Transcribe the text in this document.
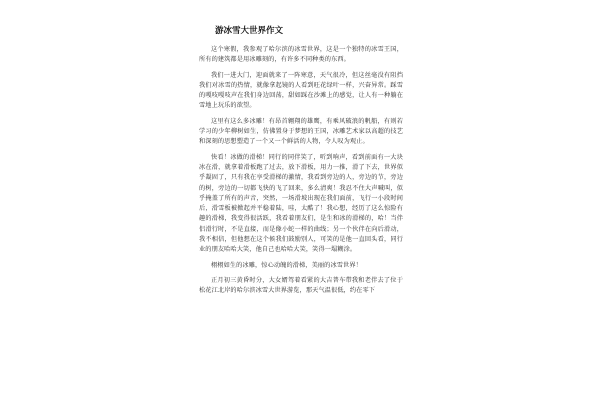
游冰雪大世界作文

这个寒假，我参观了哈尔滨的冰雪世界，这是一个独特的冰雪王国，所有的建筑都是用冰雕刻的，有许多不同种类的东西。

我们一进大门，迎面就来了一阵寒意，天气很冷，但这丝毫没有阻挡我们对冰雪的热情，就像拿起镜的人看到旺花绿叶一样，兴奋异常。踩雪的嘎吱嘎吱声在我们身边回荡，甜如踩在沙滩上的感觉，让人有一种躺在雪地上玩乐的欲望。

这里有这么多冰雕！有昂首翱翔的雄鹰，有乘风破浪的帆船，有则若学习的少年柳树如生，仿佛置身于梦想的王国，冰雕艺术家以高超的技艺和深刻的思想塑造了一个又一个鲜活的人物，令人叹为观止。

快看！冰做的滑梯！同行的同伴笑了，听到响声，看到前面有一大块冰在滑，就拿着滑板跑了过去，放下滑板，用力一推，滑了下去，世界似乎凝固了，只有我在享受滑梯的激情，我看到旁边的人，旁边的节，旁边的树，旁边的一切都飞快的飞了回来，多么清爽！我忍不住大声喊叫，似乎掩盖了所有的声音，突然，一场滑坡出现在我们面前，飞行一小段时间后，滑雪板被掀起并平稳着陆，哇，太酷了！我心想，经历了这么惊险有趣的滑梯，我变得很活跃，我看着朋友们，是生和冰的滑梯的，哈！当伴侣滑行时，不是直接，而是像小蛇一样的曲线；另一个伙伴在向后滑动，我不相信，但他想在这个候我们鼓励别人，可笑的是他一直回头看，同行业的朋友哈哈大笑，他自己也哈哈大笑，笑得一塌糊涂。

栩栩如生的冰雕，惊心动魄的滑梯，美丽的冰雪世界！

正月初三黄昏时分，大女婿驾着看紧的大吉普车带我和老伴去了位于松花江北岸的哈尔滨冰雪大世界游览，那天气温很低，约在零下
